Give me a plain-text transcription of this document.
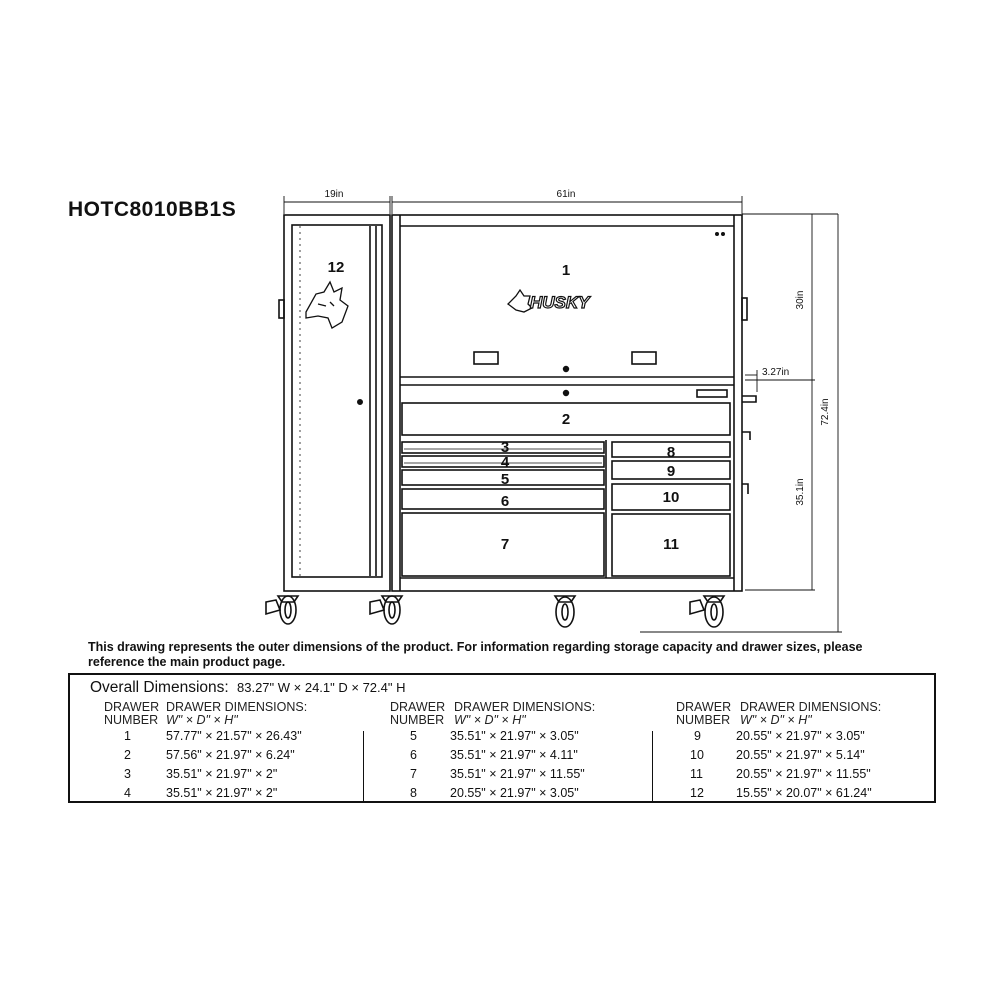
19in	61in
30in
3.27in
72.4in
35.1in
HUSKY
1
2
3
4
5
6
7
8
9
10
11
12
HOTC8010BB1S
This drawing represents the outer dimensions of the product. For information regarding storage capacity and drawer sizes, please reference the main product page.
Overall Dimensions: 83.27" W × 24.1" D × 72.4" H
DRAWER
NUMBER
DRAWER DIMENSIONS:
W" × D" × H"
1	57.77" × 21.57" × 26.43"
2	57.56" × 21.97" × 6.24"
3	35.51" × 21.97" × 2"
4	35.51" × 21.97" × 2"
DRAWER
NUMBER
DRAWER DIMENSIONS:
W" × D" × H"
5	35.51" × 21.97" × 3.05"
6	35.51" × 21.97" × 4.11"
7	35.51" × 21.97" × 11.55"
8	20.55" × 21.97" × 3.05"
DRAWER
NUMBER
DRAWER DIMENSIONS:
W" × D" × H"
9	20.55" × 21.97" × 3.05"
10	20.55" × 21.97" × 5.14"
11	20.55" × 21.97" × 11.55"
12	15.55" × 20.07" × 61.24"
